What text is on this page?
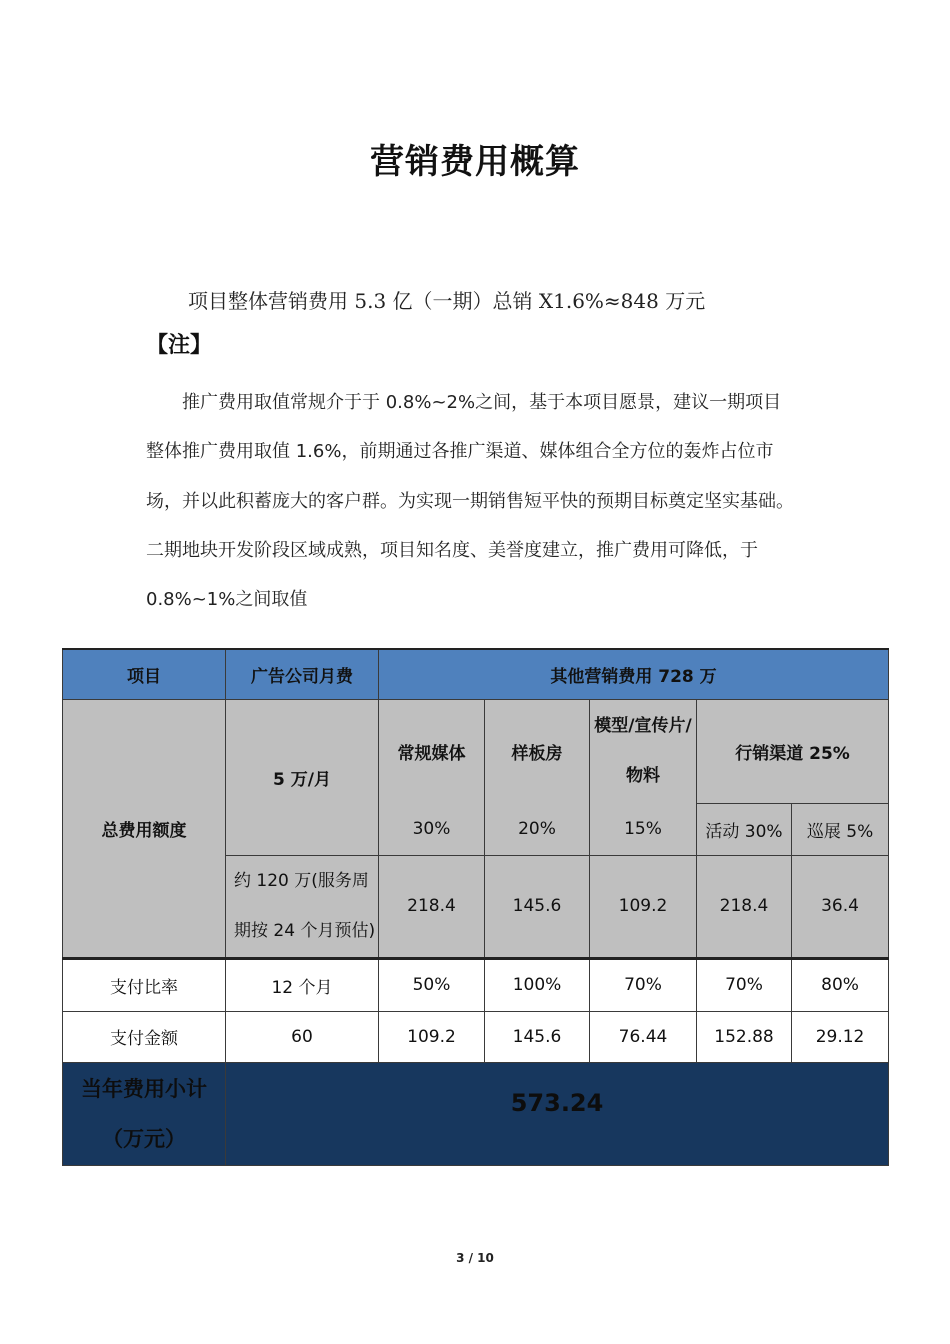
营销费用概算
项目整体营销费用 5.3 亿（一期）总销 X1.6%≈848 万元
【注】

推广费用取值常规介于于 0.8%~2%之间，基于本项目愿景，建议一期项目整体推广费用取值 1.6%，前期通过各推广渠道、媒体组合全方位的轰炸占位市场，并以此积蓄庞大的客户群。为实现一期销售短平快的预期目标奠定坚实基础。二期地块开发阶段区域成熟，项目知名度、美誉度建立，推广费用可降低，于 0.8%~1%之间取值

项目	广告公司月费	其他营销费用 728 万				
总费用额度	5 万/月	常规媒体	样板房	模型/宣传片/物料	行销渠道 25%	
		30%	20%	15%	活动 30%	巡展 5%
	约 120 万(服务周期按 24 个月预估)	218.4	145.6	109.2	218.4	36.4
支付比率	12 个月	50%	100%	70%	70%	80%
支付金额	60	109.2	145.6	76.44	152.88	29.12
当年费用小计（万元）	573.24					
3 / 10
